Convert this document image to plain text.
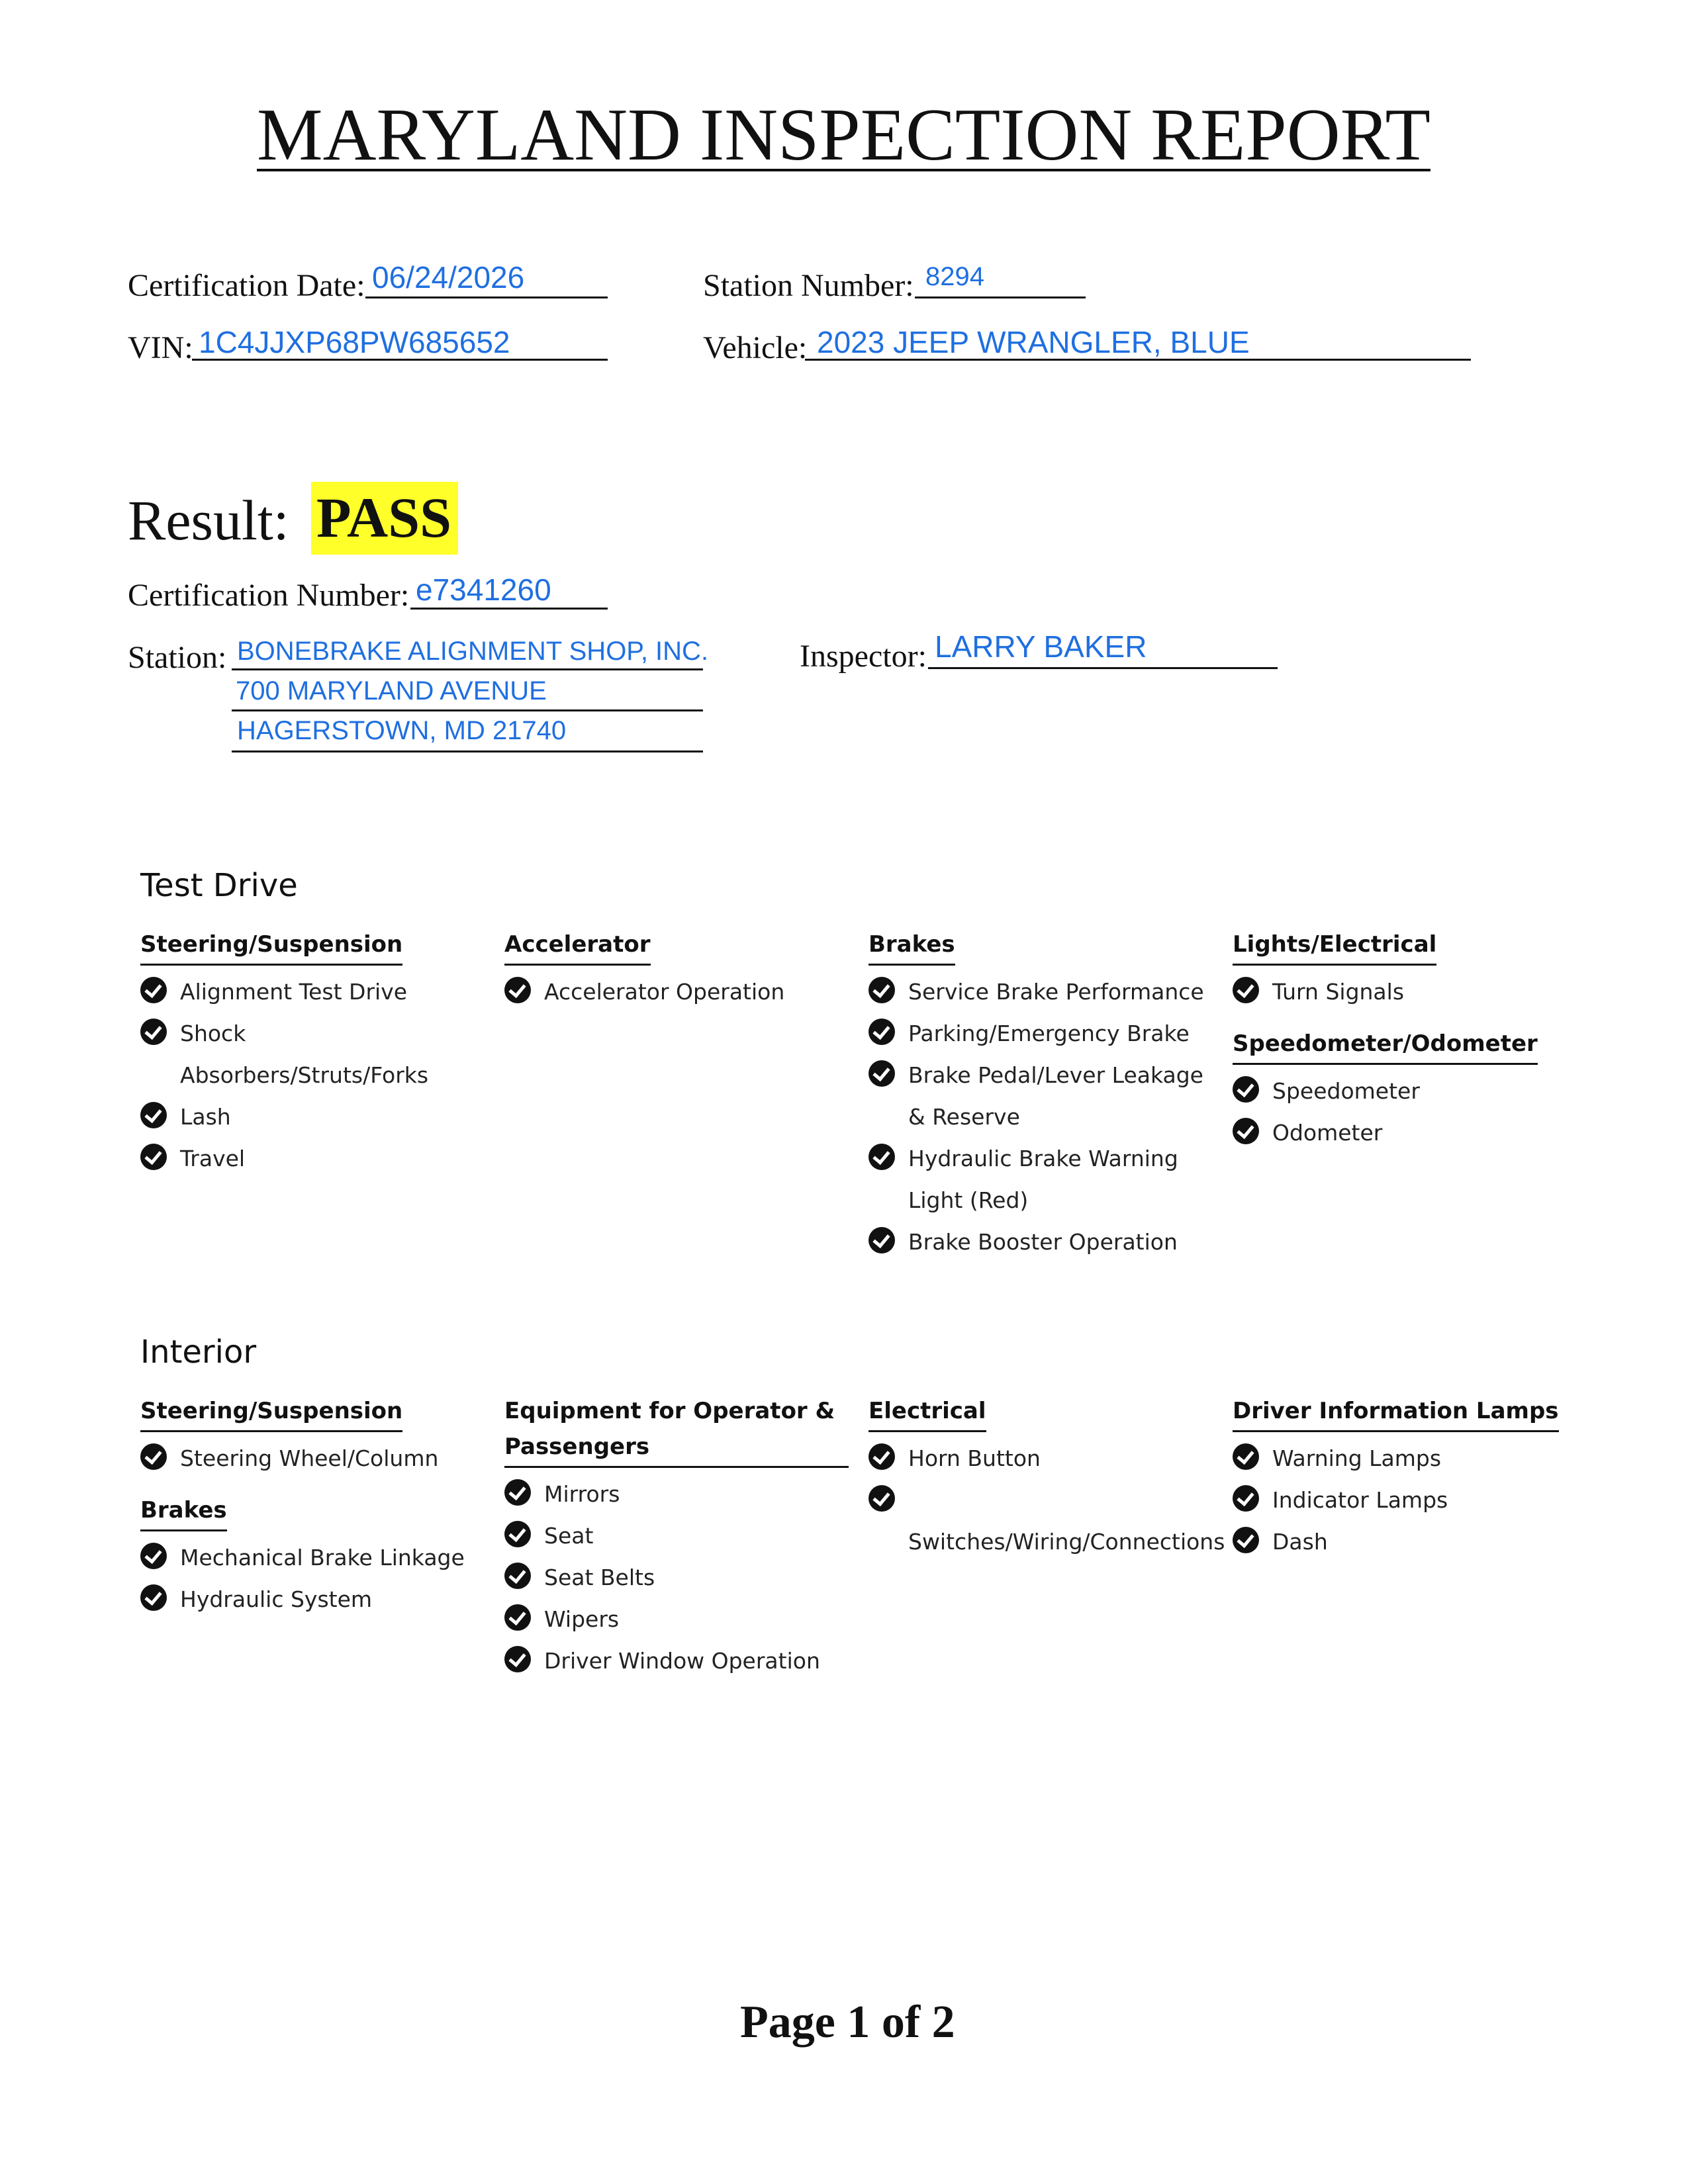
MARYLAND INSPECTION REPORT
Certification Date: 06/24/2026	Station Number: 8294
VIN: 1C4JJXP68PW685652	Vehicle: 2023 JEEP WRANGLER, BLUE
Result: PASS
Certification Number: e7341260
Station: BONEBRAKE ALIGNMENT SHOP, INC.
700 MARYLAND AVENUE
HAGERSTOWN, MD 21740
Inspector: LARRY BAKER
Test Drive
Steering/Suspension
Alignment Test Drive
Shock Absorbers/Struts/Forks
Lash
Travel
Accelerator
Accelerator Operation
Brakes
Service Brake Performance
Parking/Emergency Brake
Brake Pedal/Lever Leakage & Reserve
Hydraulic Brake Warning Light (Red)
Brake Booster Operation
Lights/Electrical
Turn Signals
Speedometer/Odometer
Speedometer
Odometer
Interior
Steering/Suspension
Steering Wheel/Column
Brakes
Mechanical Brake Linkage
Hydraulic System
Equipment for Operator & Passengers
Mirrors
Seat
Seat Belts
Wipers
Driver Window Operation
Electrical
Horn Button
Switches/Wiring/Connections
Driver Information Lamps
Warning Lamps
Indicator Lamps
Dash
Page 1 of 2
